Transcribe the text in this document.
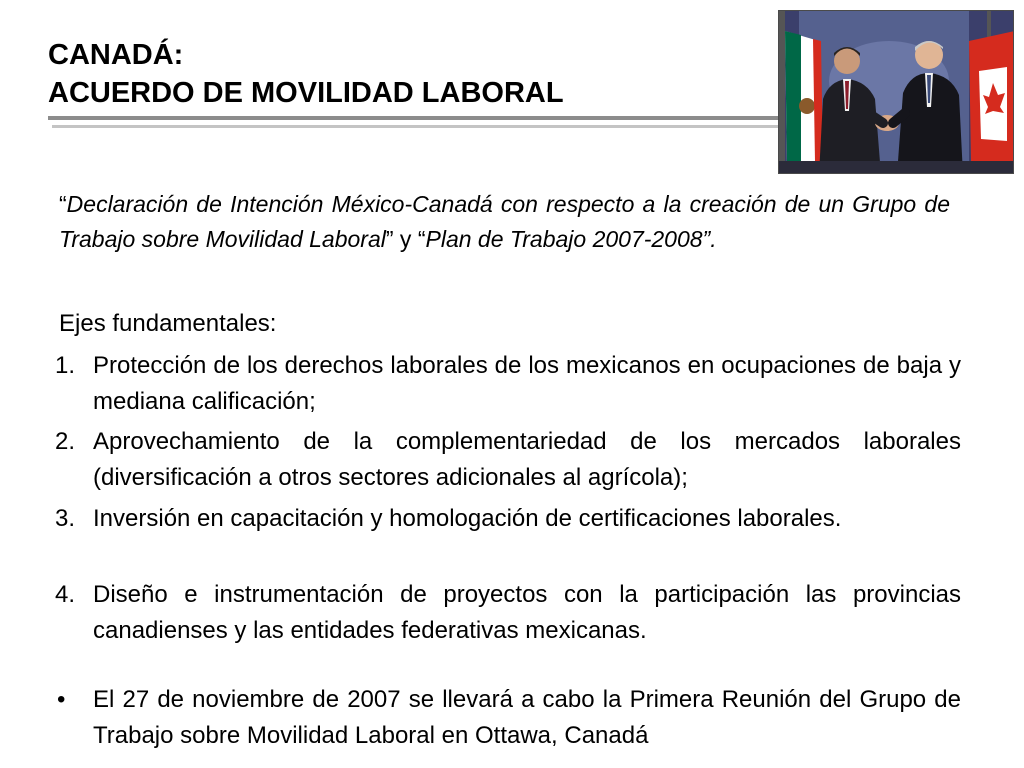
CANADÁ:
ACUERDO DE MOVILIDAD LABORAL

“Declaración de Intención México-Canadá con respecto a la creación de un Grupo de Trabajo sobre Movilidad Laboral” y “Plan de Trabajo 2007-2008”.

Ejes fundamentales:

1. Protección de los derechos laborales de los mexicanos en ocupaciones de baja y mediana calificación;
2. Aprovechamiento de la complementariedad de los mercados laborales (diversificación a otros sectores adicionales al agrícola);
3. Inversión en capacitación y homologación de certificaciones laborales.
4. Diseño e instrumentación de proyectos con la participación las provincias canadienses y las entidades federativas mexicanas.
• El 27 de noviembre de 2007 se llevará a cabo la Primera Reunión del Grupo de Trabajo sobre Movilidad Laboral en Ottawa, Canadá
